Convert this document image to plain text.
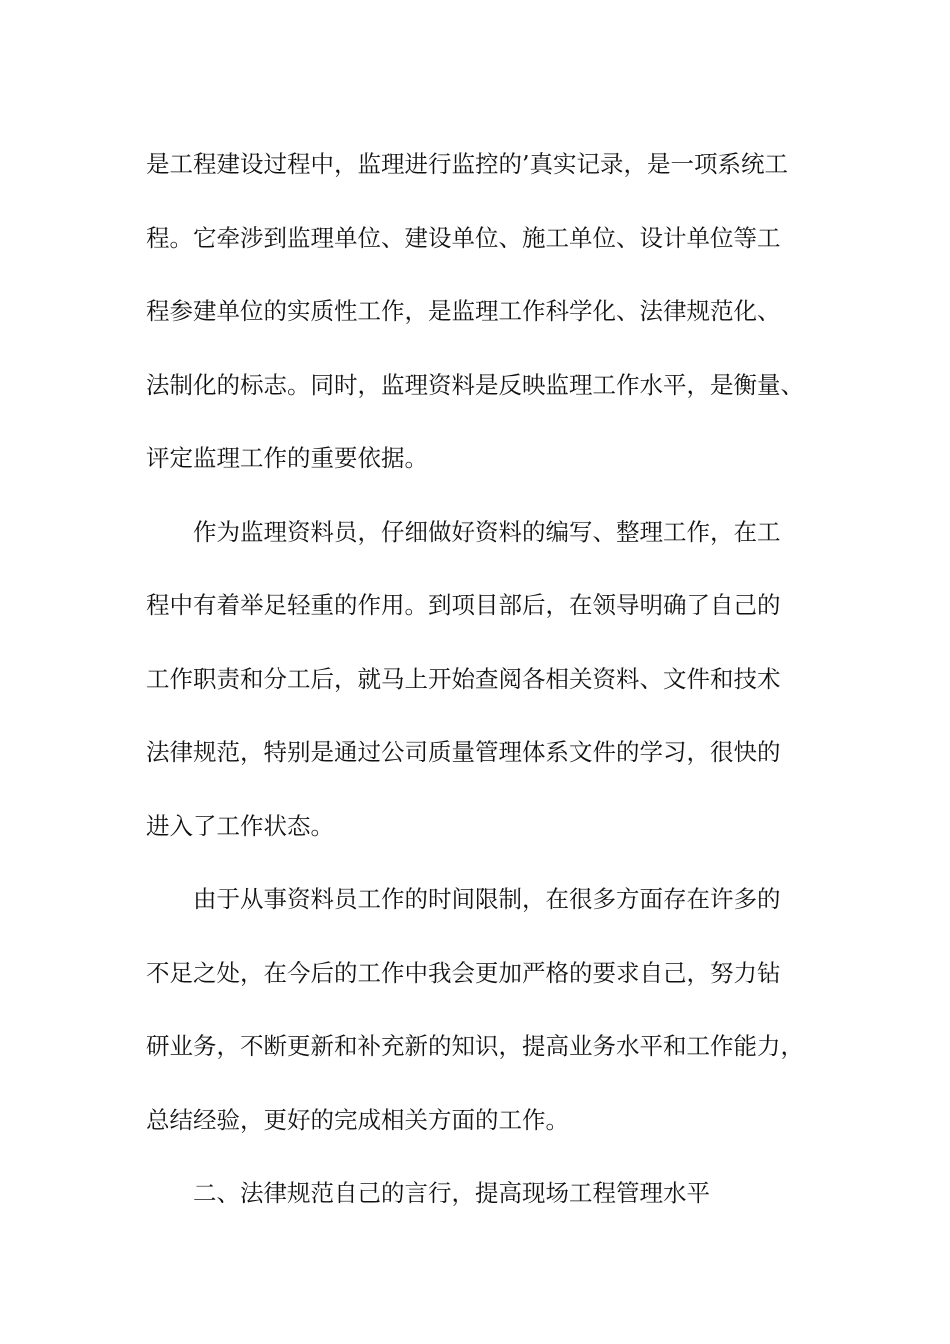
是工程建设过程中，监理进行监控的’真实记录，是一项系统工
程。它牵涉到监理单位、建设单位、施工单位、设计单位等工
程参建单位的实质性工作，是监理工作科学化、法律规范化、
法制化的标志。同时，监理资料是反映监理工作水平，是衡量、
评定监理工作的重要依据。
作为监理资料员，仔细做好资料的编写、整理工作，在工
程中有着举足轻重的作用。到项目部后，在领导明确了自己的
工作职责和分工后，就马上开始查阅各相关资料、文件和技术
法律规范，特别是通过公司质量管理体系文件的学习，很快的
进入了工作状态。
由于从事资料员工作的时间限制，在很多方面存在许多的
不足之处，在今后的工作中我会更加严格的要求自己，努力钻
研业务，不断更新和补充新的知识，提高业务水平和工作能力，
总结经验，更好的完成相关方面的工作。
二、法律规范自己的言行，提高现场工程管理水平
